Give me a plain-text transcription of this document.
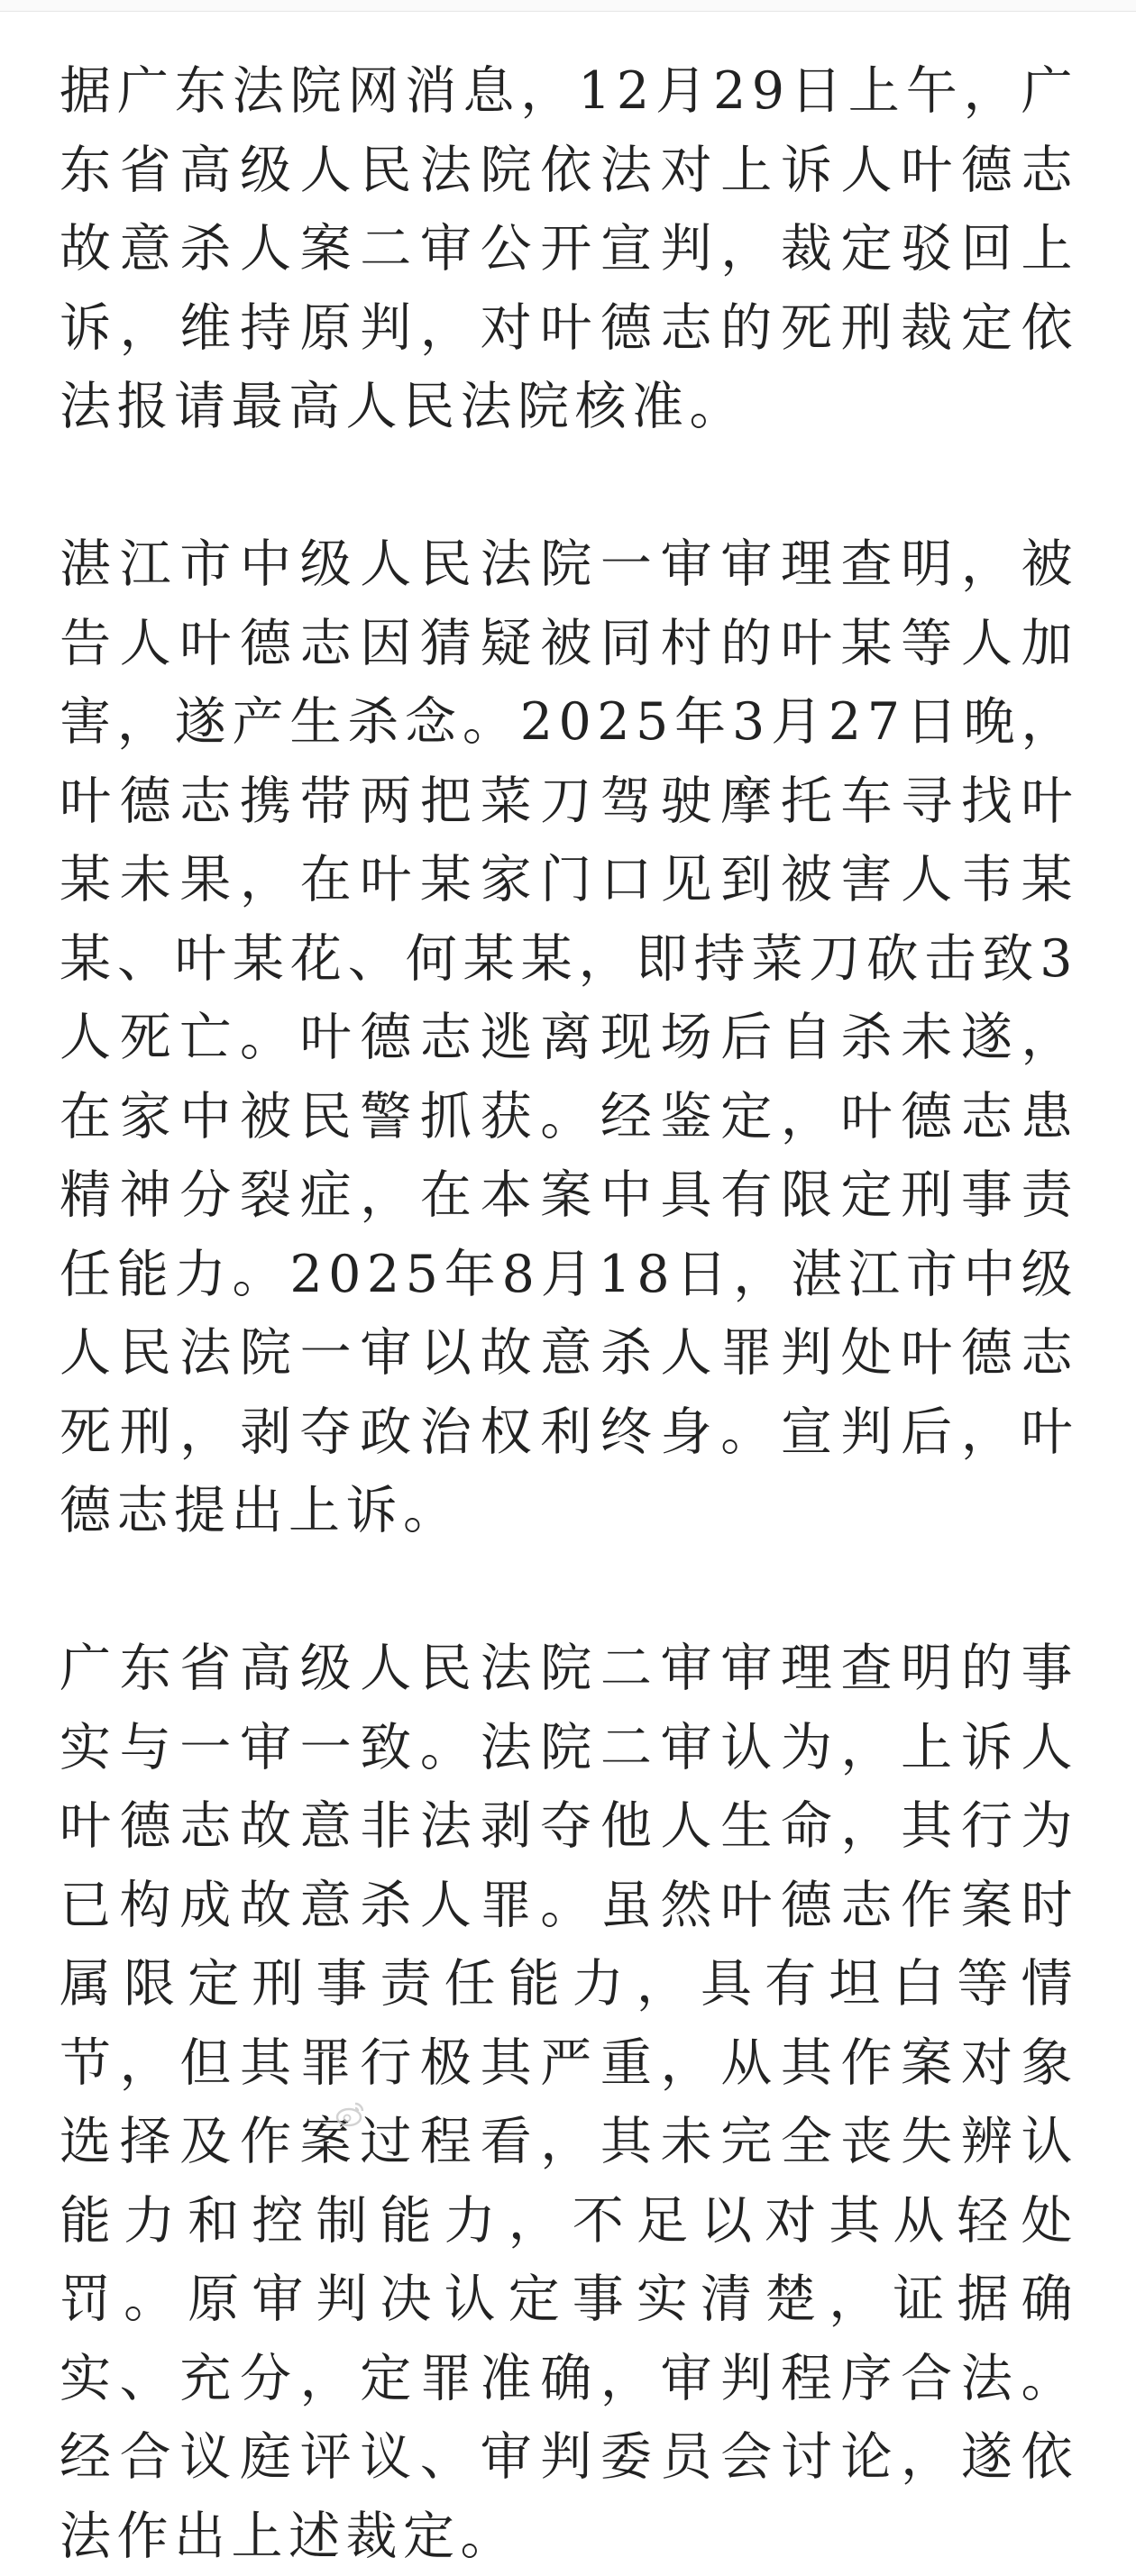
据广东法院网消息，12月29日上午，广东省高级人民法院依法对上诉人叶德志故意杀人案二审公开宣判，裁定驳回上诉，维持原判，对叶德志的死刑裁定依法报请最高人民法院核准。

湛江市中级人民法院一审审理查明，被告人叶德志因猜疑被同村的叶某等人加害，遂产生杀念。2025年3月27日晚，叶德志携带两把菜刀驾驶摩托车寻找叶某未果，在叶某家门口见到被害人韦某某、叶某花、何某某，即持菜刀砍击致3人死亡。叶德志逃离现场后自杀未遂，在家中被民警抓获。经鉴定，叶德志患精神分裂症，在本案中具有限定刑事责任能力。2025年8月18日，湛江市中级人民法院一审以故意杀人罪判处叶德志死刑，剥夺政治权利终身。宣判后，叶德志提出上诉。

广东省高级人民法院二审审理查明的事实与一审一致。法院二审认为，上诉人叶德志故意非法剥夺他人生命，其行为已构成故意杀人罪。虽然叶德志作案时属限定刑事责任能力，具有坦白等情节，但其罪行极其严重，从其作案对象选择及作案过程看，其未完全丧失辨认能力和控制能力，不足以对其从轻处罚。原审判决认定事实清楚，证据确实、充分，定罪准确，审判程序合法。经合议庭评议、审判委员会讨论，遂依法作出上述裁定。
